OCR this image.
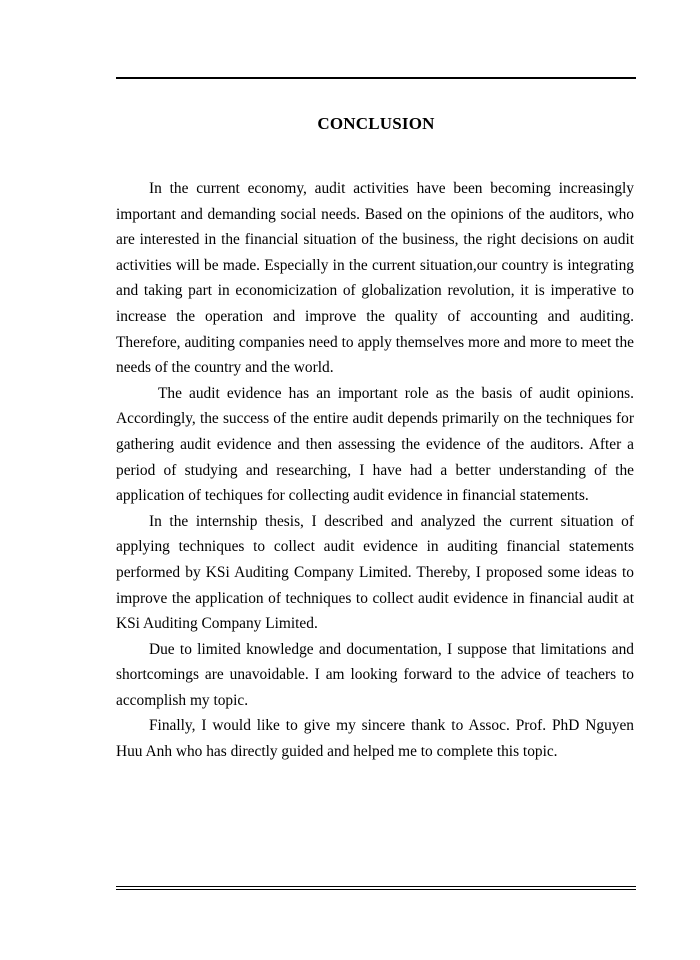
CONCLUSION

In the current economy, audit activities have been becoming increasingly important and demanding social needs. Based on the opinions of the auditors, who are interested in the financial situation of the business, the right decisions on audit activities will be made. Especially in the current situation,our country is integrating and taking part in economicization of globalization revolution, it is imperative to increase the operation and improve the quality of accounting and auditing. Therefore, auditing companies need to apply themselves more and more to meet the needs of the country and the world.

The audit evidence has an important role as the basis of audit opinions. Accordingly, the success of the entire audit depends primarily on the techniques for gathering audit evidence and then assessing the evidence of the auditors. After a period of studying and researching, I have had a better understanding of the application of techiques for collecting audit evidence in financial statements.

In the internship thesis, I described and analyzed the current situation of applying techniques to collect audit evidence in auditing financial statements performed by KSi Auditing Company Limited. Thereby, I proposed some ideas to improve the application of techniques to collect audit evidence in financial audit at KSi Auditing Company Limited.

Due to limited knowledge and documentation, I suppose that limitations and shortcomings are unavoidable. I am looking forward to the advice of teachers to accomplish my topic.

Finally, I would like to give my sincere thank to Assoc. Prof. PhD Nguyen Huu Anh who has directly guided and helped me to complete this topic.
